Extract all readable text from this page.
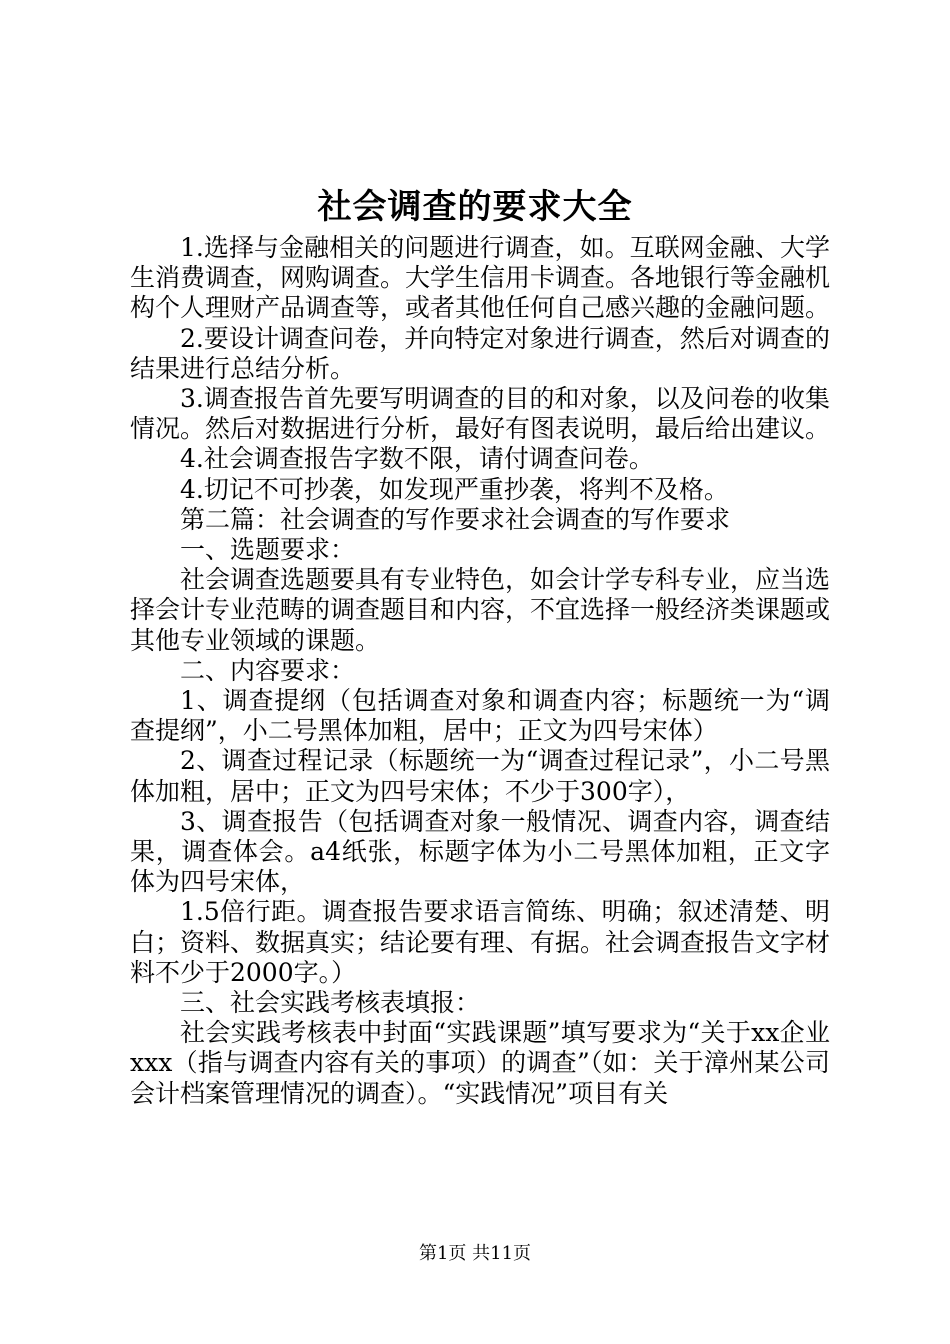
社会调查的要求大全

1.选择与金融相关的问题进行调查，如。互联网金融、大学生消费调查，网购调查。大学生信用卡调查。各地银行等金融机构个人理财产品调查等，或者其他任何自己感兴趣的金融问题。

2.要设计调查问卷，并向特定对象进行调查，然后对调查的结果进行总结分析。

3.调查报告首先要写明调查的目的和对象，以及问卷的收集情况。然后对数据进行分析，最好有图表说明，最后给出建议。

4.社会调查报告字数不限，请付调查问卷。

4.切记不可抄袭，如发现严重抄袭，将判不及格。

第二篇：社会调查的写作要求社会调查的写作要求

一、选题要求：

社会调查选题要具有专业特色，如会计学专科专业，应当选择会计专业范畴的调查题目和内容，不宜选择一般经济类课题或其他专业领域的课题。

二、内容要求：

1、调查提纲（包括调查对象和调查内容；标题统一为“调查提纲”，小二号黑体加粗，居中；正文为四号宋体）

2、调查过程记录（标题统一为“调查过程记录”，小二号黑体加粗，居中；正文为四号宋体；不少于300字），

3、调查报告（包括调查对象一般情况、调查内容，调查结果，调查体会。a4纸张，标题字体为小二号黑体加粗，正文字体为四号宋体，

1.5倍行距。调查报告要求语言简练、明确；叙述清楚、明白；资料、数据真实；结论要有理、有据。社会调查报告文字材料不少于2000字。）

三、社会实践考核表填报：

社会实践考核表中封面“实践课题”填写要求为“关于xx企业xxx（指与调查内容有关的事项）的调查”（如：关于漳州某公司会计档案管理情况的调查）。“实践情况”项目有关

第1页 共11页
